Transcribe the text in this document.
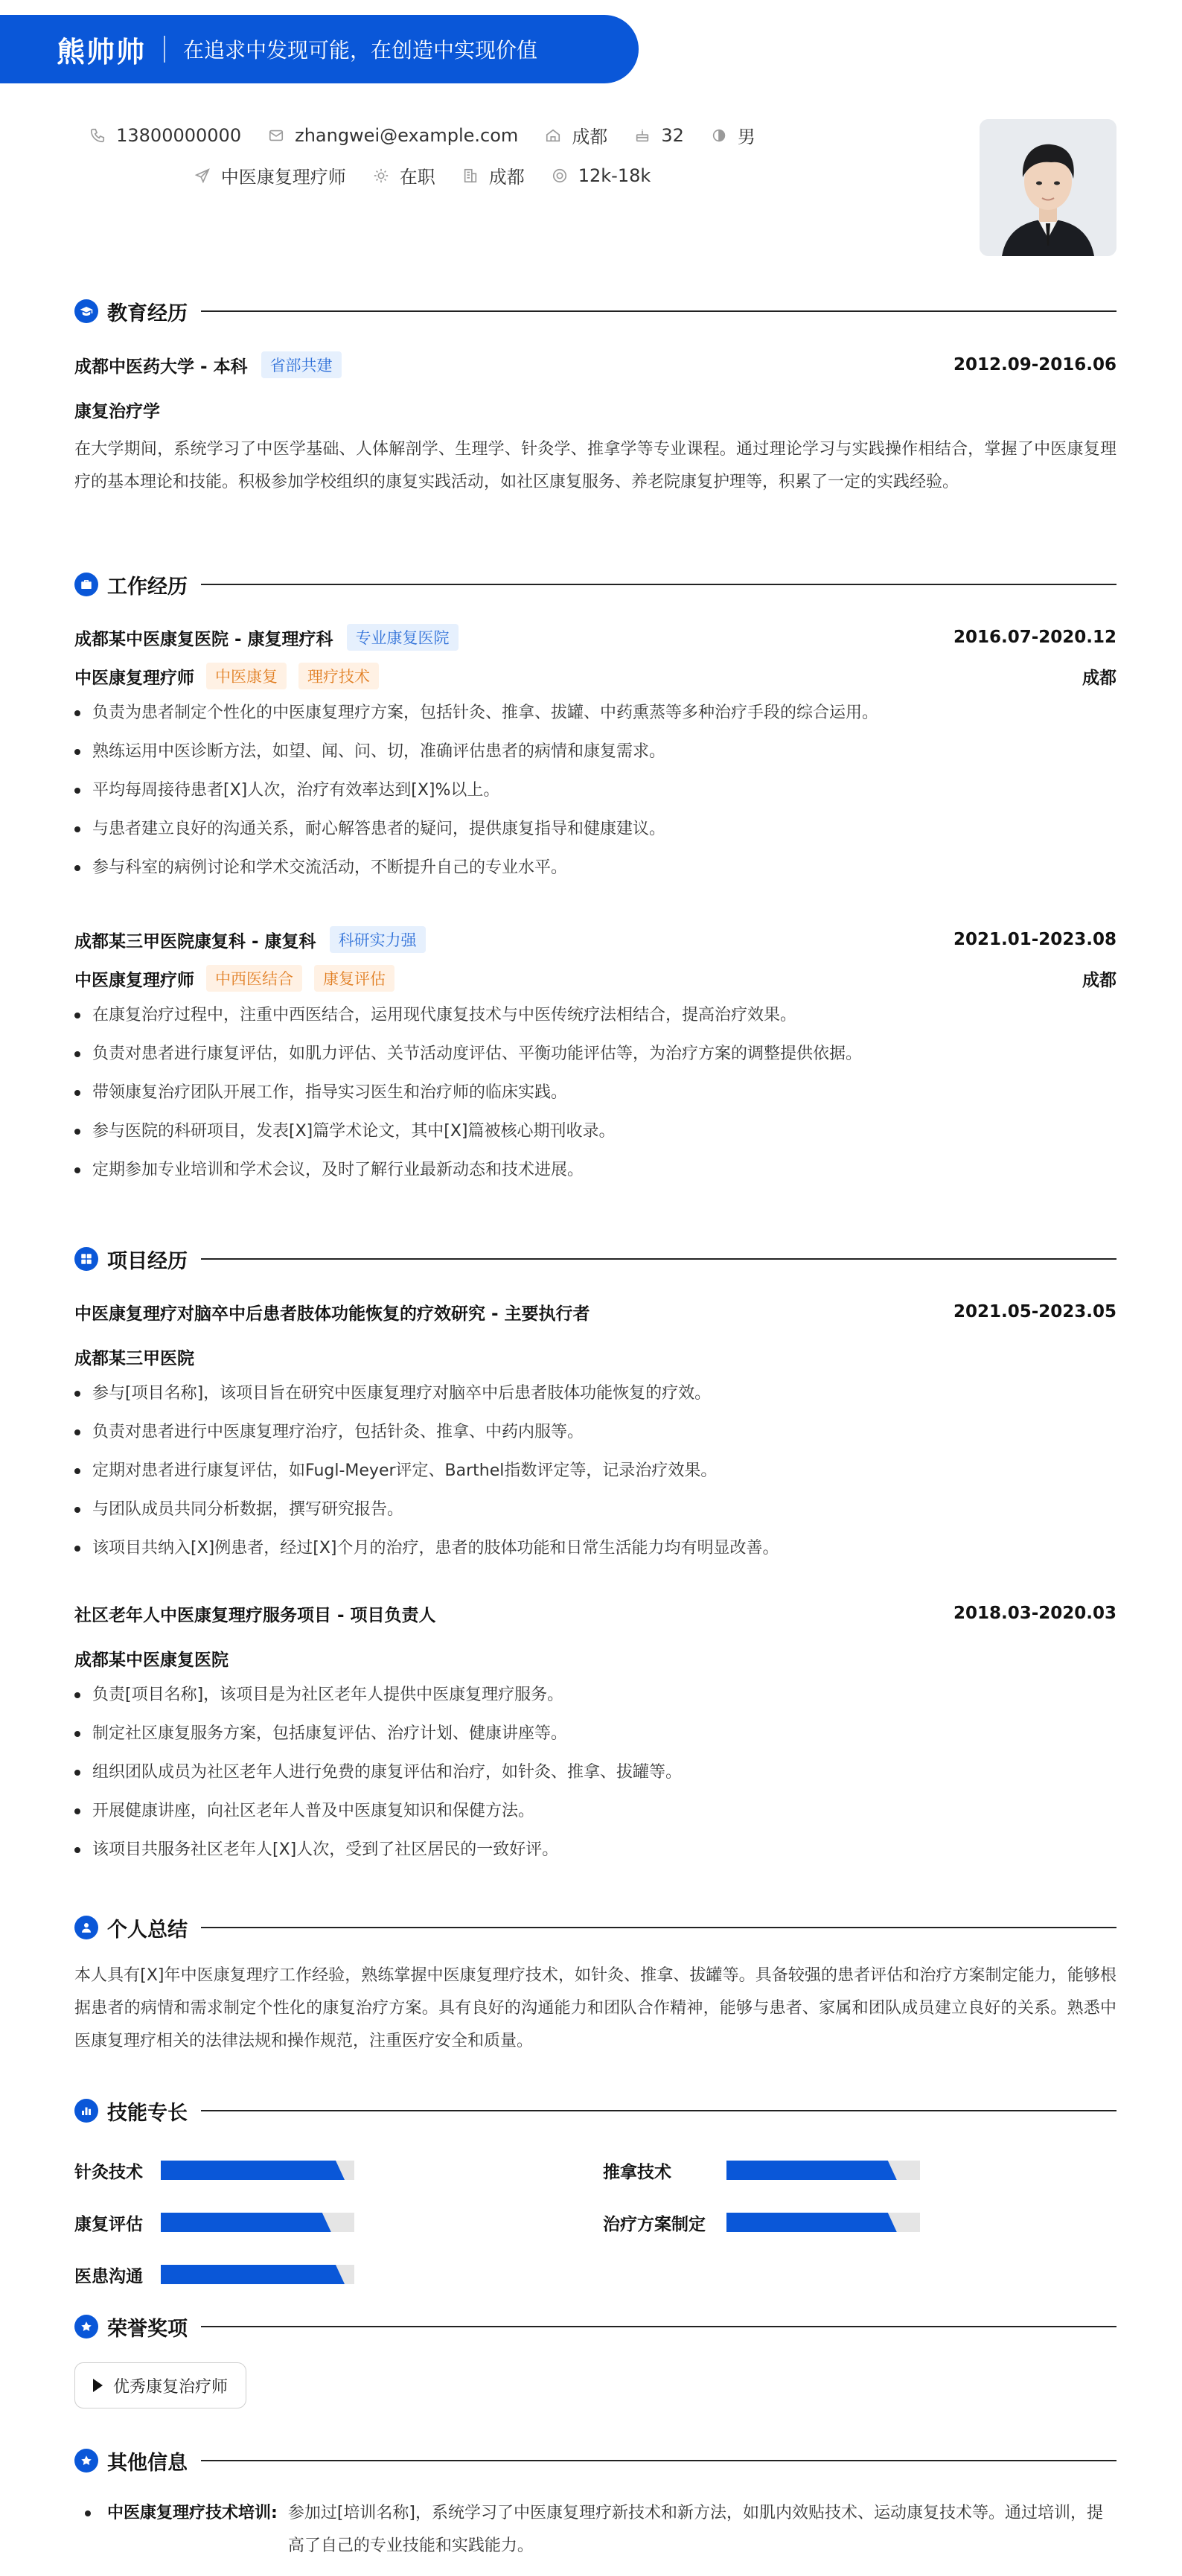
熊帅帅 在追求中发现可能，在创造中实现价值
13800000000	zhangwei@example.com	成都	32	男
中医康复理疗师	在职	成都	12k-18k
教育经历
成都中医药大学 - 本科	省部共建	2012.09-2016.06
康复治疗学
在大学期间，系统学习了中医学基础、人体解剖学、生理学、针灸学、推拿学等专业课程。通过理论学习与实践操作相结合，掌握了中医康复理疗的基本理论和技能。积极参加学校组织的康复实践活动，如社区康复服务、养老院康复护理等，积累了一定的实践经验。
工作经历
成都某中医康复医院 - 康复理疗科	专业康复医院	2016.07-2020.12
中医康复理疗师	中医康复	理疗技术	成都
负责为患者制定个性化的中医康复理疗方案，包括针灸、推拿、拔罐、中药熏蒸等多种治疗手段的综合运用。
熟练运用中医诊断方法，如望、闻、问、切，准确评估患者的病情和康复需求。
平均每周接待患者[X]人次，治疗有效率达到[X]%以上。
与患者建立良好的沟通关系，耐心解答患者的疑问，提供康复指导和健康建议。
参与科室的病例讨论和学术交流活动，不断提升自己的专业水平。
成都某三甲医院康复科 - 康复科	科研实力强	2021.01-2023.08
中医康复理疗师	中西医结合	康复评估	成都
在康复治疗过程中，注重中西医结合，运用现代康复技术与中医传统疗法相结合，提高治疗效果。
负责对患者进行康复评估，如肌力评估、关节活动度评估、平衡功能评估等，为治疗方案的调整提供依据。
带领康复治疗团队开展工作，指导实习医生和治疗师的临床实践。
参与医院的科研项目，发表[X]篇学术论文，其中[X]篇被核心期刊收录。
定期参加专业培训和学术会议，及时了解行业最新动态和技术进展。
项目经历
中医康复理疗对脑卒中后患者肢体功能恢复的疗效研究 - 主要执行者	2021.05-2023.05
成都某三甲医院
参与[项目名称]，该项目旨在研究中医康复理疗对脑卒中后患者肢体功能恢复的疗效。
负责对患者进行中医康复理疗治疗，包括针灸、推拿、中药内服等。
定期对患者进行康复评估，如Fugl-Meyer评定、Barthel指数评定等，记录治疗效果。
与团队成员共同分析数据，撰写研究报告。
该项目共纳入[X]例患者，经过[X]个月的治疗，患者的肢体功能和日常生活能力均有明显改善。
社区老年人中医康复理疗服务项目 - 项目负责人	2018.03-2020.03
成都某中医康复医院
负责[项目名称]，该项目是为社区老年人提供中医康复理疗服务。
制定社区康复服务方案，包括康复评估、治疗计划、健康讲座等。
组织团队成员为社区老年人进行免费的康复评估和治疗，如针灸、推拿、拔罐等。
开展健康讲座，向社区老年人普及中医康复知识和保健方法。
该项目共服务社区老年人[X]人次，受到了社区居民的一致好评。
个人总结
本人具有[X]年中医康复理疗工作经验，熟练掌握中医康复理疗技术，如针灸、推拿、拔罐等。具备较强的患者评估和治疗方案制定能力，能够根据患者的病情和需求制定个性化的康复治疗方案。具有良好的沟通能力和团队合作精神，能够与患者、家属和团队成员建立良好的关系。熟悉中医康复理疗相关的法律法规和操作规范，注重医疗安全和质量。
技能专长
针灸技术	推拿技术
康复评估	治疗方案制定
医患沟通
荣誉奖项
优秀康复治疗师
其他信息
中医康复理疗技术培训: 参加过[培训名称]，系统学习了中医康复理疗新技术和新方法，如肌内效贴技术、运动康复技术等。通过培训，提高了自己的专业技能和实践能力。
